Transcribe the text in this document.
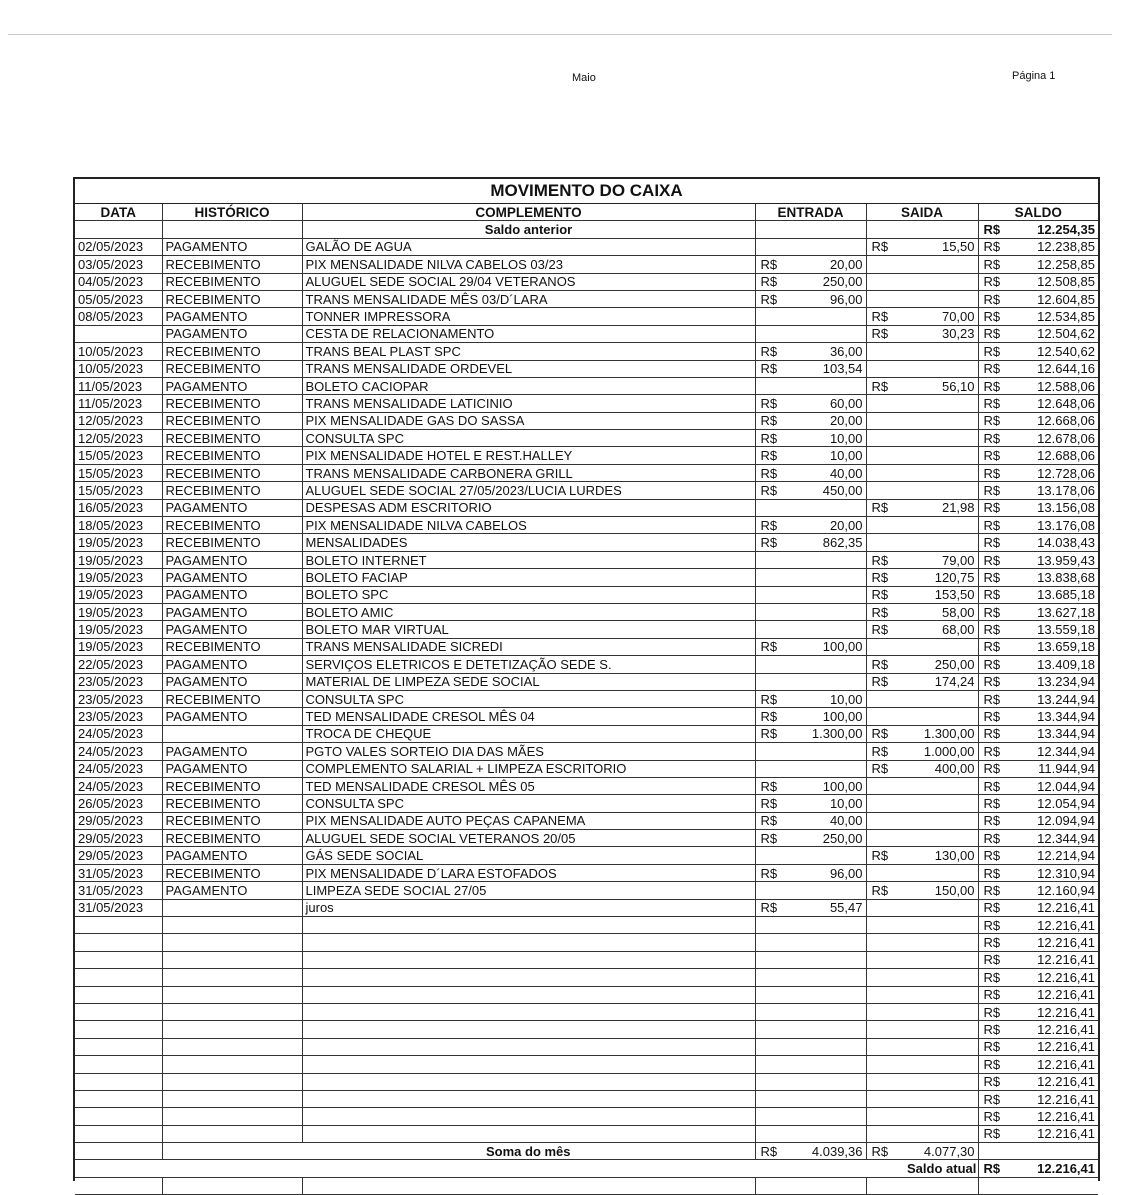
Maio	Página 1
MOVIMENTO DO CAIXA
DATA	HISTÓRICO	COMPLEMENTO	ENTRADA		SAIDA		SALDO	
		Saldo anterior					R$	12.254,35
02/05/2023	PAGAMENTO	GALÃO DE AGUA			R$	15,50	R$	12.238,85
03/05/2023	RECEBIMENTO	PIX MENSALIDADE NILVA CABELOS 03/23	R$	20,00			R$	12.258,85
04/05/2023	RECEBIMENTO	ALUGUEL SEDE SOCIAL 29/04 VETERANOS	R$	250,00			R$	12.508,85
05/05/2023	RECEBIMENTO	TRANS MENSALIDADE MÊS 03/D´LARA	R$	96,00			R$	12.604,85
08/05/2023	PAGAMENTO	TONNER IMPRESSORA			R$	70,00	R$	12.534,85
	PAGAMENTO	CESTA DE RELACIONAMENTO			R$	30,23	R$	12.504,62
10/05/2023	RECEBIMENTO	TRANS BEAL PLAST SPC	R$	36,00			R$	12.540,62
10/05/2023	RECEBIMENTO	TRANS MENSALIDADE ORDEVEL	R$	103,54			R$	12.644,16
11/05/2023	PAGAMENTO	BOLETO CACIOPAR			R$	56,10	R$	12.588,06
11/05/2023	RECEBIMENTO	TRANS MENSALIDADE LATICINIO	R$	60,00			R$	12.648,06
12/05/2023	RECEBIMENTO	PIX MENSALIDADE GAS DO SASSA	R$	20,00			R$	12.668,06
12/05/2023	RECEBIMENTO	CONSULTA SPC	R$	10,00			R$	12.678,06
15/05/2023	RECEBIMENTO	PIX MENSALIDADE HOTEL E REST.HALLEY	R$	10,00			R$	12.688,06
15/05/2023	RECEBIMENTO	TRANS MENSALIDADE CARBONERA GRILL	R$	40,00			R$	12.728,06
15/05/2023	RECEBIMENTO	ALUGUEL SEDE SOCIAL 27/05/2023/LUCIA LURDES	R$	450,00			R$	13.178,06
16/05/2023	PAGAMENTO	DESPESAS ADM ESCRITORIO			R$	21,98	R$	13.156,08
18/05/2023	RECEBIMENTO	PIX MENSALIDADE NILVA CABELOS	R$	20,00			R$	13.176,08
19/05/2023	RECEBIMENTO	MENSALIDADES	R$	862,35			R$	14.038,43
19/05/2023	PAGAMENTO	BOLETO INTERNET			R$	79,00	R$	13.959,43
19/05/2023	PAGAMENTO	BOLETO FACIAP			R$	120,75	R$	13.838,68
19/05/2023	PAGAMENTO	BOLETO SPC			R$	153,50	R$	13.685,18
19/05/2023	PAGAMENTO	BOLETO AMIC			R$	58,00	R$	13.627,18
19/05/2023	PAGAMENTO	BOLETO MAR VIRTUAL			R$	68,00	R$	13.559,18
19/05/2023	RECEBIMENTO	TRANS MENSALIDADE SICREDI	R$	100,00			R$	13.659,18
22/05/2023	PAGAMENTO	SERVIÇOS ELETRICOS E DETETIZAÇÃO SEDE S.			R$	250,00	R$	13.409,18
23/05/2023	PAGAMENTO	MATERIAL DE LIMPEZA SEDE SOCIAL			R$	174,24	R$	13.234,94
23/05/2023	RECEBIMENTO	CONSULTA SPC	R$	10,00			R$	13.244,94
23/05/2023	PAGAMENTO	TED MENSALIDADE CRESOL MÊS 04	R$	100,00			R$	13.344,94
24/05/2023		TROCA DE CHEQUE	R$	1.300,00	R$	1.300,00	R$	13.344,94
24/05/2023	PAGAMENTO	PGTO VALES SORTEIO DIA DAS MÃES			R$	1.000,00	R$	12.344,94
24/05/2023	PAGAMENTO	COMPLEMENTO SALARIAL + LIMPEZA ESCRITORIO			R$	400,00	R$	11.944,94
24/05/2023	RECEBIMENTO	TED MENSALIDADE CRESOL MÊS 05	R$	100,00			R$	12.044,94
26/05/2023	RECEBIMENTO	CONSULTA SPC	R$	10,00			R$	12.054,94
29/05/2023	RECEBIMENTO	PIX MENSALIDADE AUTO PEÇAS CAPANEMA	R$	40,00			R$	12.094,94
29/05/2023	RECEBIMENTO	ALUGUEL SEDE SOCIAL VETERANOS 20/05	R$	250,00			R$	12.344,94
29/05/2023	PAGAMENTO	GÁS SEDE SOCIAL			R$	130,00	R$	12.214,94
31/05/2023	RECEBIMENTO	PIX MENSALIDADE D´LARA ESTOFADOS	R$	96,00			R$	12.310,94
31/05/2023	PAGAMENTO	LIMPEZA SEDE SOCIAL 27/05			R$	150,00	R$	12.160,94
31/05/2023		juros	R$	55,47			R$	12.216,41
							R$	12.216,41
							R$	12.216,41
							R$	12.216,41
							R$	12.216,41
							R$	12.216,41
							R$	12.216,41
							R$	12.216,41
							R$	12.216,41
							R$	12.216,41
							R$	12.216,41
							R$	12.216,41
							R$	12.216,41
							R$	12.216,41
		Soma do mês	R$	4.039,36	R$	4.077,30		
						Saldo atual	R$	12.216,41
